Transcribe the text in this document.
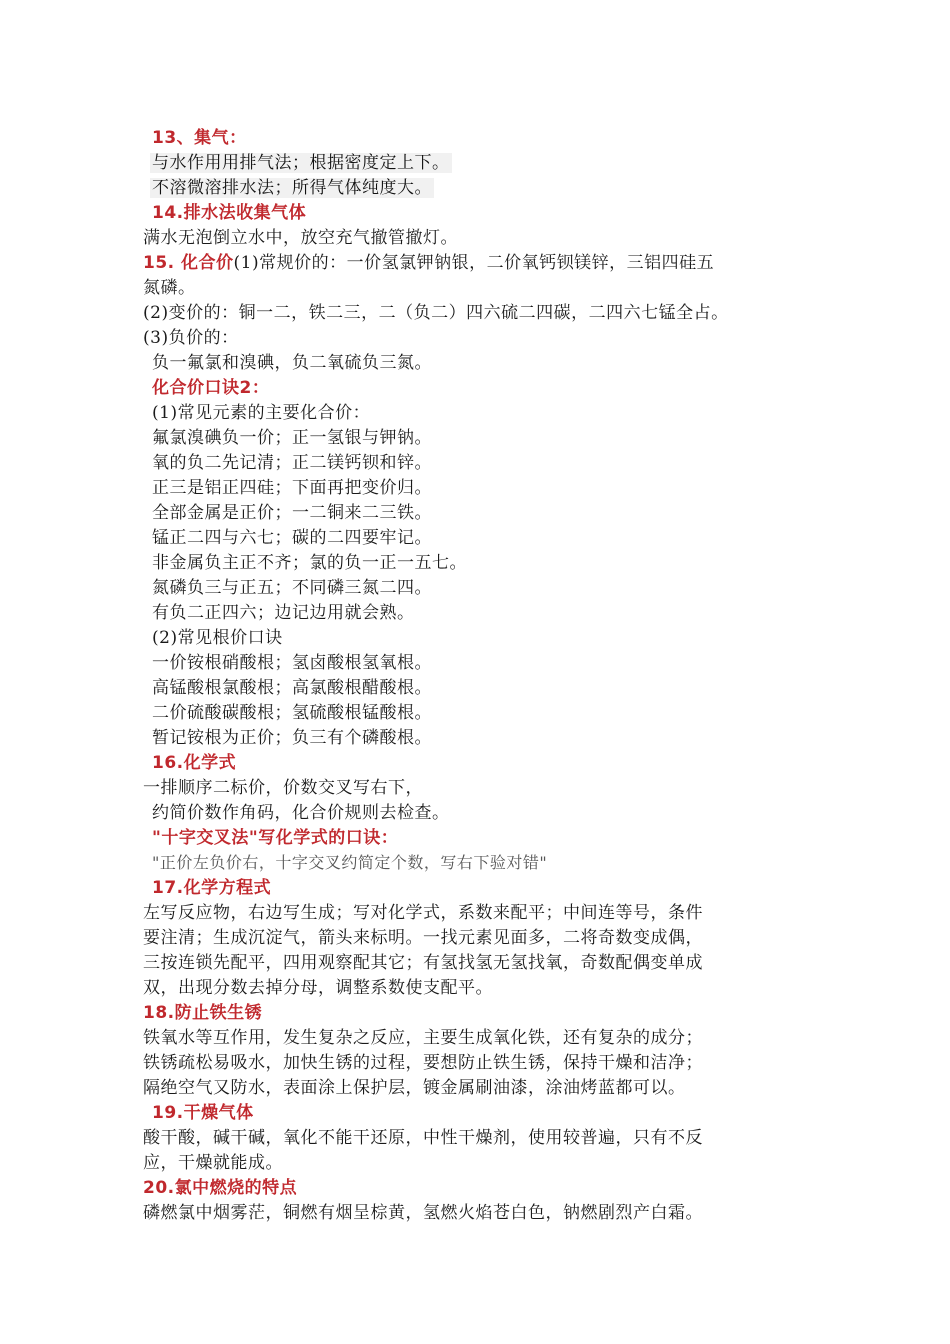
13、集气：
与水作用用排气法；根据密度定上下。
不溶微溶排水法；所得气体纯度大。
14.排水法收集气体
满水无泡倒立水中，放空充气撤管撤灯。
15. 化合价(1)常规价的：一价氢氯钾钠银，二价氧钙钡镁锌，三铝四硅五
氮磷。
(2)变价的：铜一二，铁二三，二（负二）四六硫二四碳，二四六七锰全占。
(3)负价的：
负一氟氯和溴碘，负二氧硫负三氮。
化合价口诀2：
(1)常见元素的主要化合价：
氟氯溴碘负一价；正一氢银与钾钠。
氧的负二先记清；正二镁钙钡和锌。
正三是铝正四硅；下面再把变价归。
全部金属是正价；一二铜来二三铁。
锰正二四与六七；碳的二四要牢记。
非金属负主正不齐；氯的负一正一五七。
氮磷负三与正五；不同磷三氮二四。
有负二正四六；边记边用就会熟。
(2)常见根价口诀
一价铵根硝酸根；氢卤酸根氢氧根。
高锰酸根氯酸根；高氯酸根醋酸根。
二价硫酸碳酸根；氢硫酸根锰酸根。
暂记铵根为正价；负三有个磷酸根。
16.化学式
一排顺序二标价，价数交叉写右下，
约简价数作角码，化合价规则去检查。
"十字交叉法"写化学式的口诀：
"正价左负价右，十字交叉约简定个数，写右下验对错"
17.化学方程式
左写反应物，右边写生成；写对化学式，系数来配平；中间连等号，条件
要注清；生成沉淀气，箭头来标明。一找元素见面多，二将奇数变成偶，
三按连锁先配平，四用观察配其它；有氢找氢无氢找氧，奇数配偶变单成
双，出现分数去掉分母，调整系数使支配平。
18.防止铁生锈
铁氧水等互作用，发生复杂之反应，主要生成氧化铁，还有复杂的成分；
铁锈疏松易吸水，加快生锈的过程，要想防止铁生锈，保持干燥和洁净；
隔绝空气又防水，表面涂上保护层，镀金属刷油漆，涂油烤蓝都可以。
19.干燥气体
酸干酸，碱干碱，氧化不能干还原，中性干燥剂，使用较普遍，只有不反
应，干燥就能成。
20.氯中燃烧的特点
磷燃氯中烟雾茫，铜燃有烟呈棕黄，氢燃火焰苍白色，钠燃剧烈产白霜。
